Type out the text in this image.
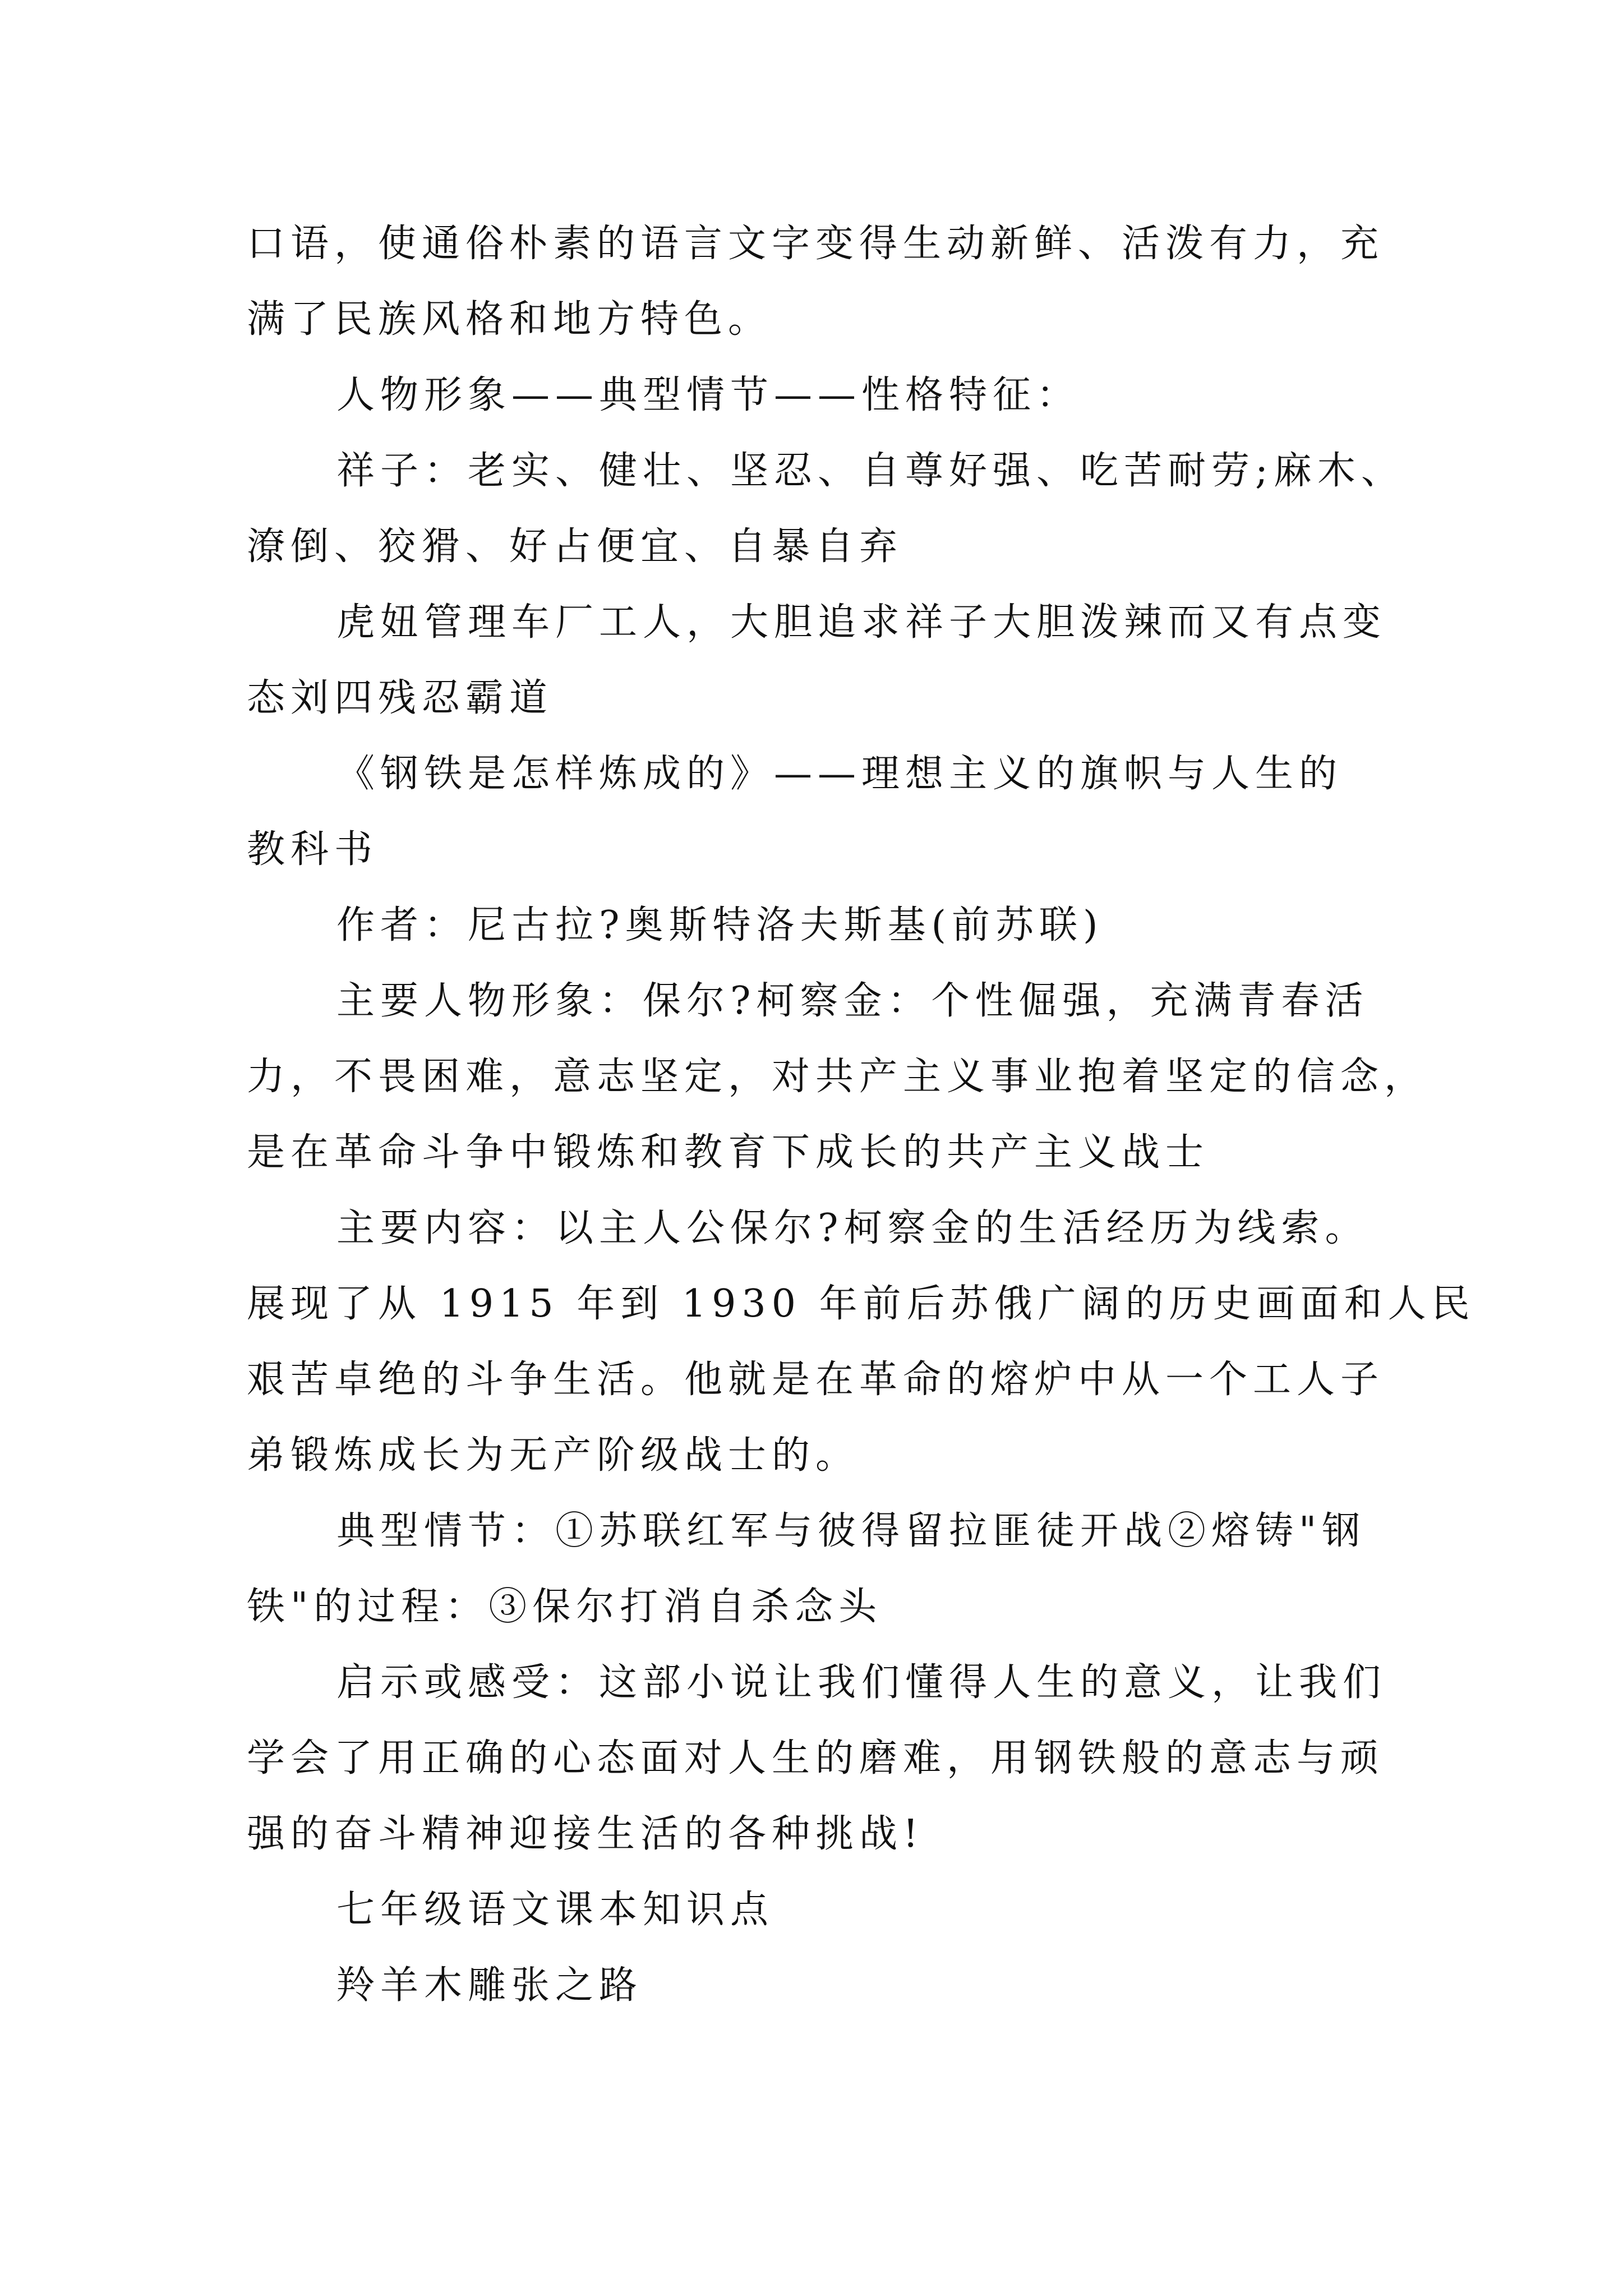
口语，使通俗朴素的语言文字变得生动新鲜、活泼有力，充
满了民族风格和地方特色。
人物形象——典型情节——性格特征：
祥子：老实、健壮、坚忍、自尊好强、吃苦耐劳;麻木、
潦倒、狡猾、好占便宜、自暴自弃
虎妞管理车厂工人，大胆追求祥子大胆泼辣而又有点变
态刘四残忍霸道
《钢铁是怎样炼成的》——理想主义的旗帜与人生的
教科书
作者：尼古拉?奥斯特洛夫斯基(前苏联)
主要人物形象：保尔?柯察金：个性倔强，充满青春活
力，不畏困难，意志坚定，对共产主义事业抱着坚定的信念，
是在革命斗争中锻炼和教育下成长的共产主义战士
主要内容：以主人公保尔?柯察金的生活经历为线索。
展现了从 1915 年到 1930 年前后苏俄广阔的历史画面和人民
艰苦卓绝的斗争生活。他就是在革命的熔炉中从一个工人子
弟锻炼成长为无产阶级战士的。
典型情节：①苏联红军与彼得留拉匪徒开战②熔铸"钢
铁"的过程：③保尔打消自杀念头
启示或感受：这部小说让我们懂得人生的意义，让我们
学会了用正确的心态面对人生的磨难，用钢铁般的意志与顽
强的奋斗精神迎接生活的各种挑战!
七年级语文课本知识点
羚羊木雕张之路
